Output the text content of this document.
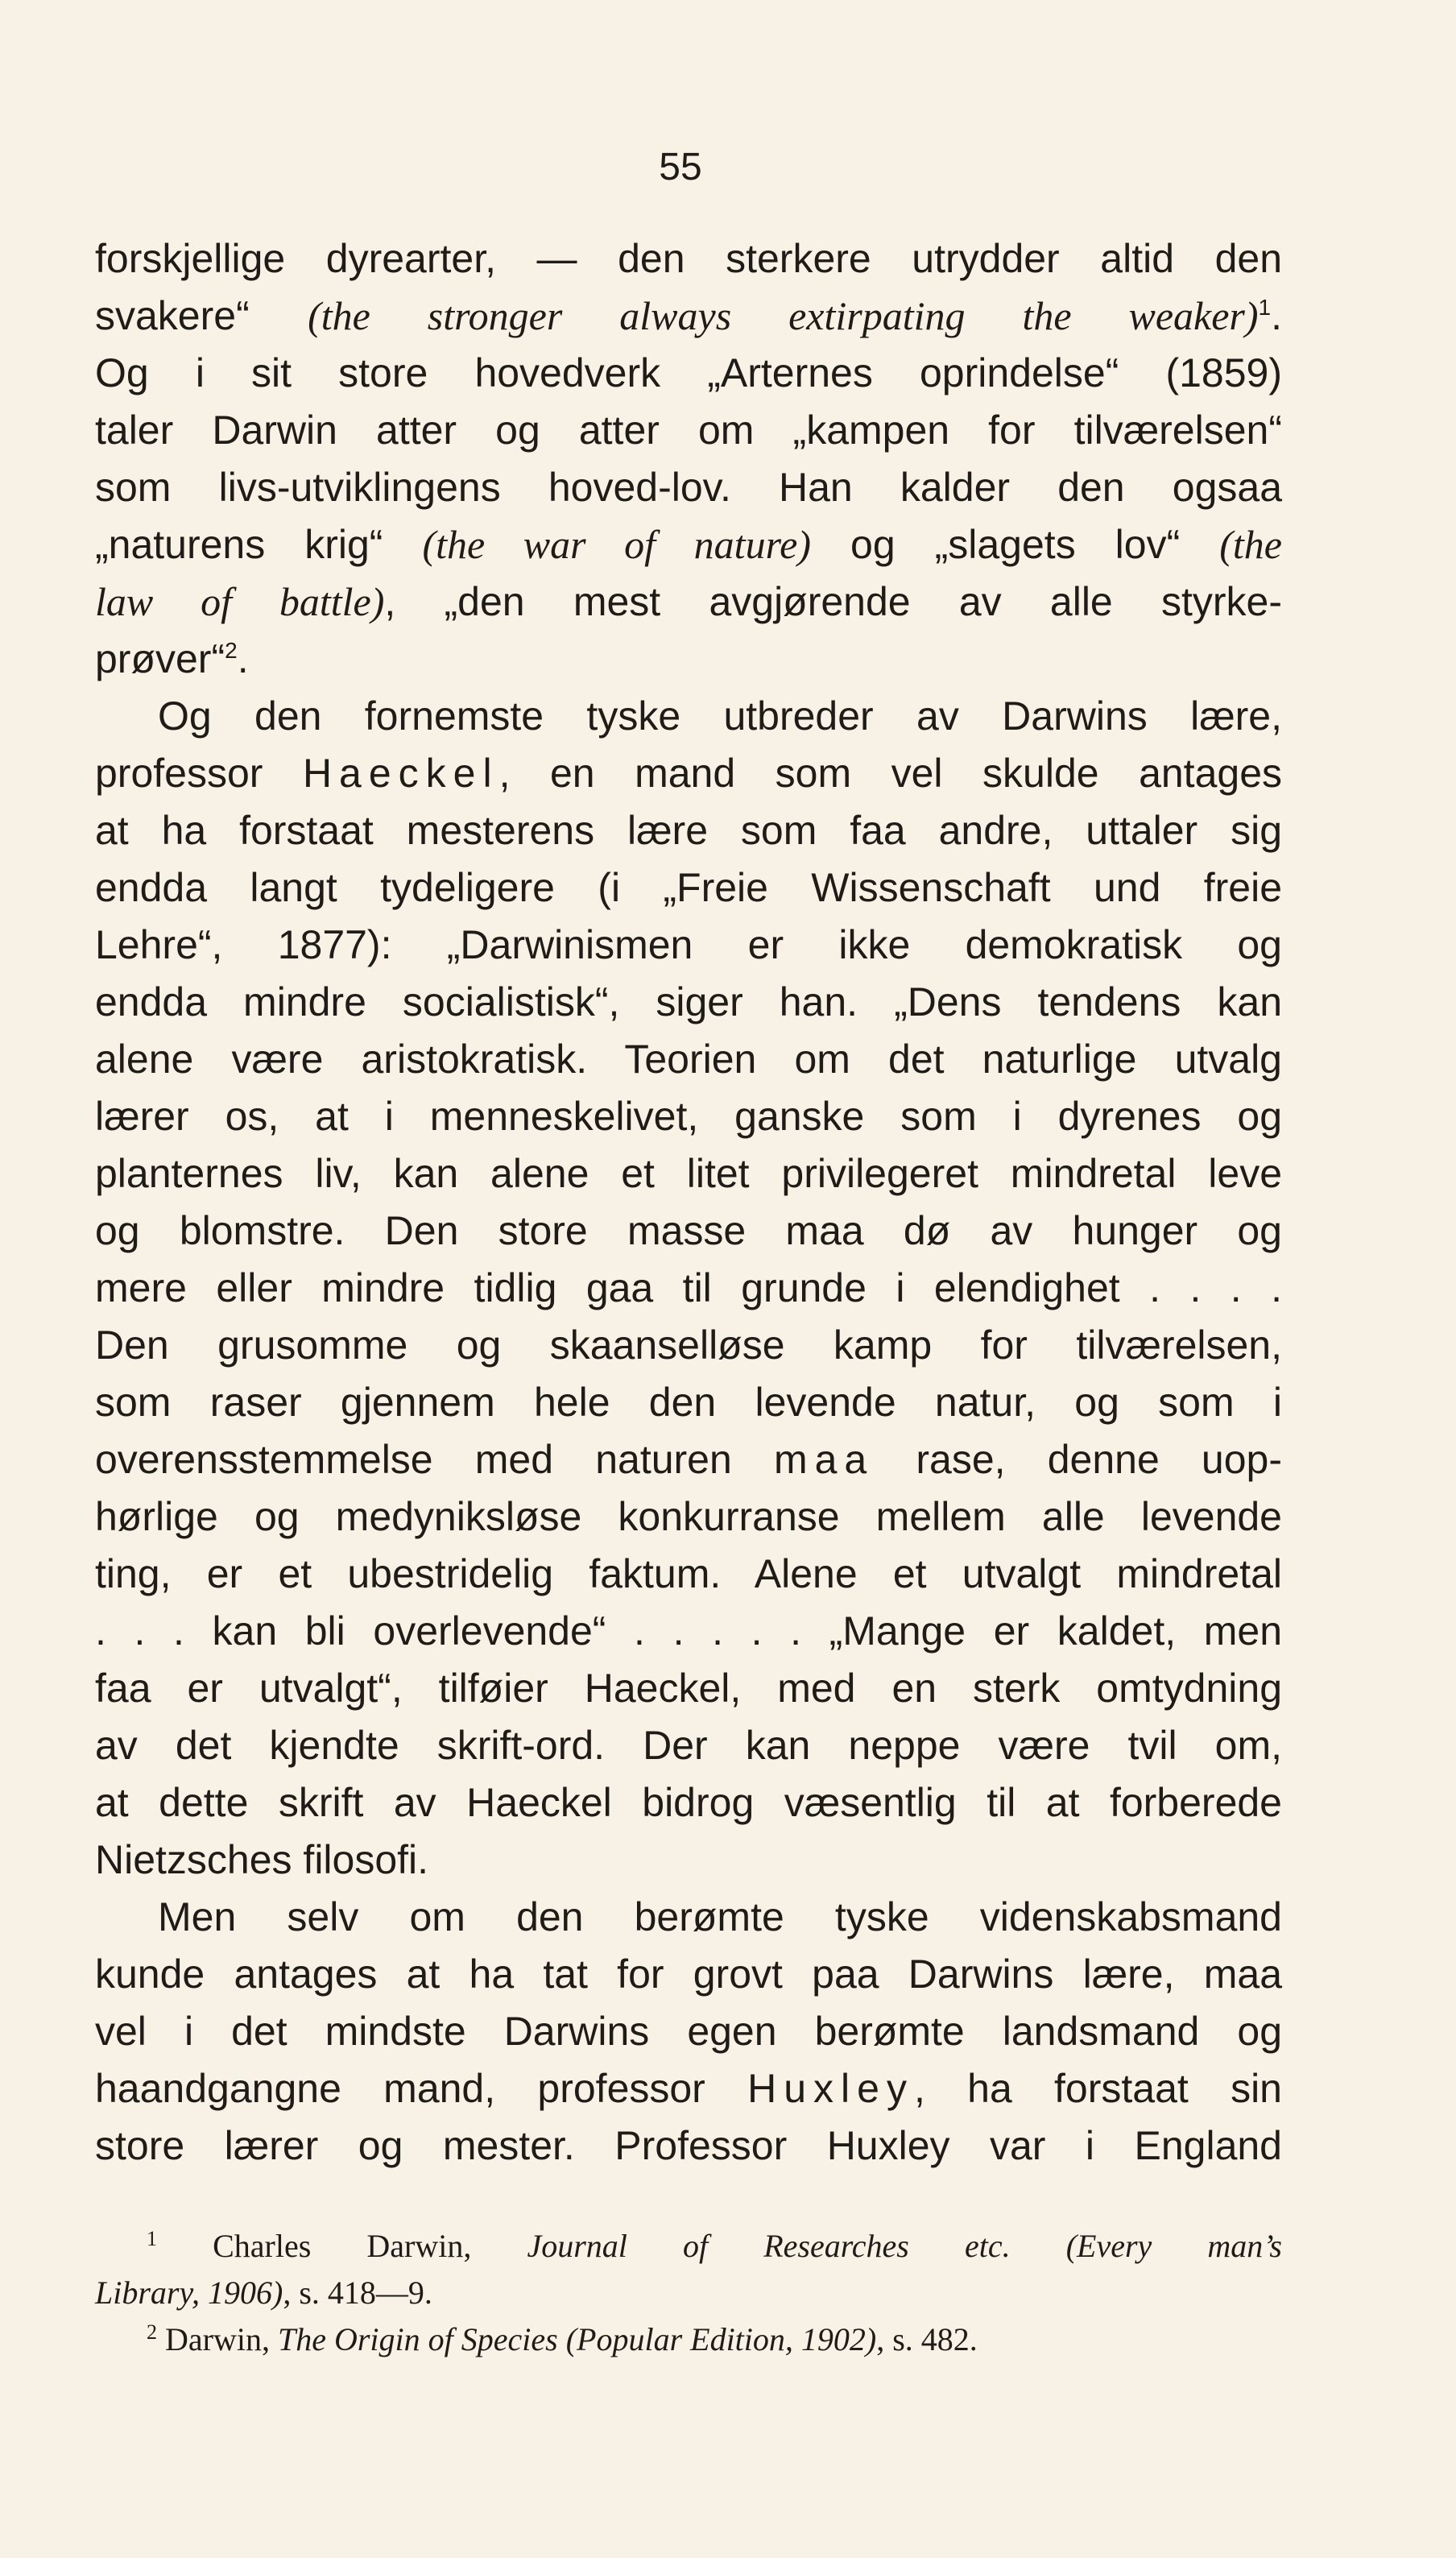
55
forskjellige dyrearter, — den sterkere utrydder altid den
svakere“ (the stronger always extirpating the weaker)$^1$.
Og i sit store hovedverk „Arternes oprindelse“ (1859)
taler Darwin atter og atter om „kampen for tilværelsen“
som livs-utviklingens hoved-lov. Han kalder den ogsaa
„naturens krig“ (the war of nature) og „slagets lov“ (the
law of battle), „den mest avgjørende av alle styrke-
prøver“$^2$.
Og den fornemste tyske utbreder av Darwins lære,
professor Haeckel, en mand som vel skulde antages
at ha forstaat mesterens lære som faa andre, uttaler sig
endda langt tydeligere (i „Freie Wissenschaft und freie
Lehre“, 1877): „Darwinismen er ikke demokratisk og
endda mindre socialistisk“, siger han. „Dens tendens kan
alene være aristokratisk. Teorien om det naturlige utvalg
lærer os, at i menneskelivet, ganske som i dyrenes og
planternes liv, kan alene et litet privilegeret mindretal leve
og blomstre. Den store masse maa dø av hunger og
mere eller mindre tidlig gaa til grunde i elendighet . . . .
Den grusomme og skaanselløse kamp for tilværelsen,
som raser gjennem hele den levende natur, og som i
overensstemmelse med naturen maa rase, denne uop-
hørlige og medyniksløse konkurranse mellem alle levende
ting, er et ubestridelig faktum. Alene et utvalgt mindretal
. . . kan bli overlevende“ . . . . . „Mange er kaldet, men
faa er utvalgt“, tilføier Haeckel, med en sterk omtydning
av det kjendte skrift-ord. Der kan neppe være tvil om,
at dette skrift av Haeckel bidrog væsentlig til at forberede
Nietzsches filosofi.
Men selv om den berømte tyske videnskabsmand
kunde antages at ha tat for grovt paa Darwins lære, maa
vel i det mindste Darwins egen berømte landsmand og
haandgangne mand, professor Huxley, ha forstaat sin
store lærer og mester. Professor Huxley var i England
$^1$ Charles Darwin, Journal of Researches etc. (Every man’s
Library, 1906), s. 418—9.
$^2$ Darwin, The Origin of Species (Popular Edition, 1902), s. 482.
